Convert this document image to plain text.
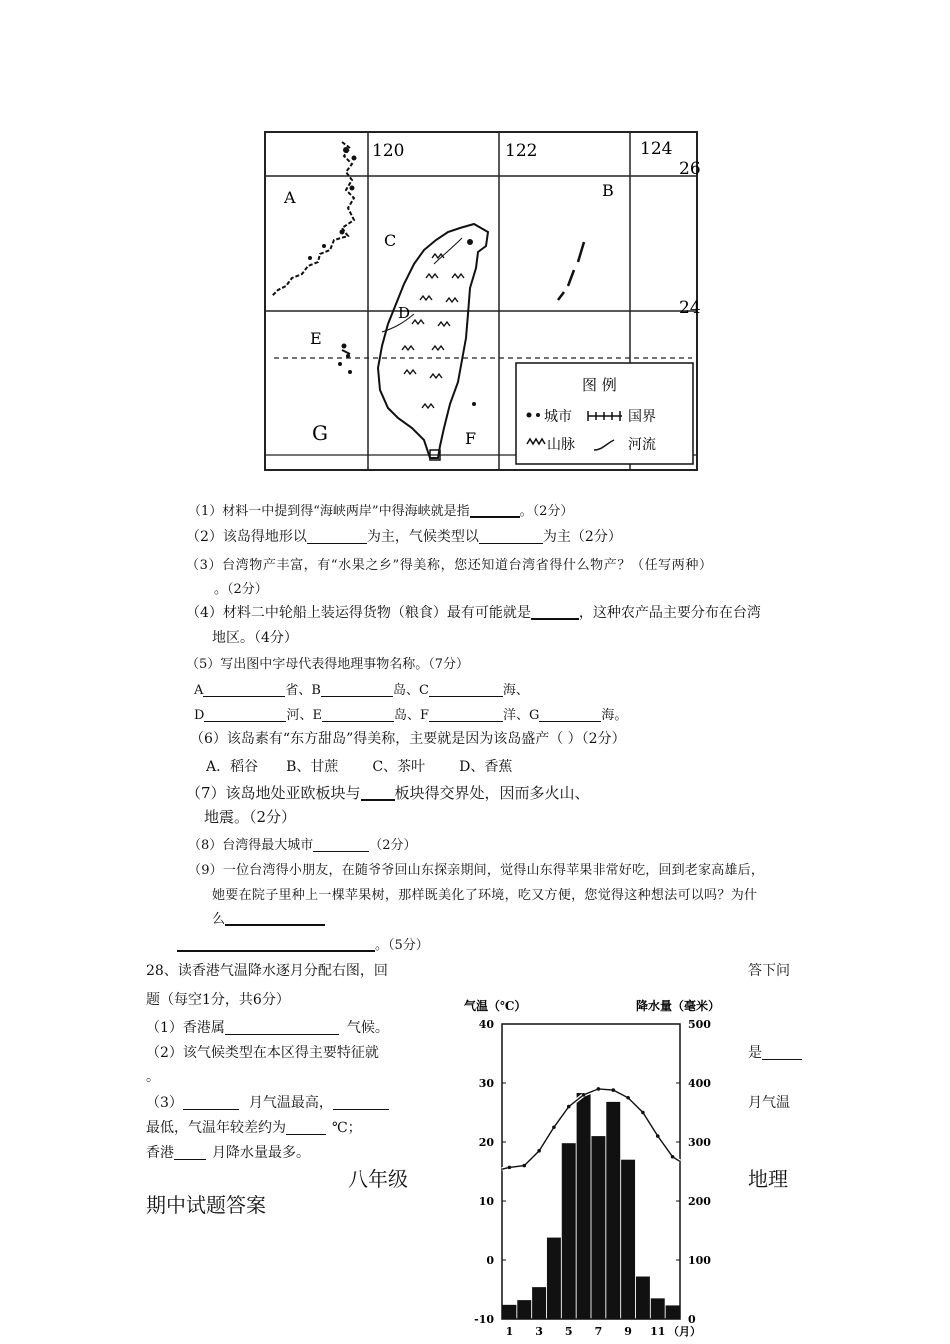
120	122	124
26
24
A	B
C
D
E
F
G
图 例
城市	国界
山脉	河流
（1）材料一中提到得“海峡两岸”中得海峡就是指	。（2分）
（2）该岛得地形以	为主，气候类型以	为主（2分）
（3）台湾物产丰富，有“水果之乡”得美称，您还知道台湾省得什么物产？（任写两种）
。（2分）
（4）材料二中轮船上装运得货物（粮食）最有可能就是	，这种农产品主要分布在台湾
地区。（4分）
（5）写出图中字母代表得地理事物名称。（7分）
A	省、B	岛、C	海、
D	河、E	岛、F	洋、G	海。
（6）该岛素有“东方甜岛”得美称，主要就是因为该岛盛产（ ）（2分）
A．稻谷 B、甘蔗 C、茶叶 D、香蕉
（7）该岛地处亚欧板块与 板块得交界处，因而多火山、
地震。（2分）
（8）台湾得最大城市	（2分）
（9）一位台湾得小朋友，在随爷爷回山东探亲期间，觉得山东得苹果非常好吃，回到老家高雄后，
她要在院子里种上一棵苹果树，那样既美化了环境，吃又方便，您觉得这种想法可以吗？为什
么
。（5分）
28、读香港气温降水逐月分配右图，回	答下问
题（每空1分，共6分）
（1）香港属	气候。
（2）该气候类型在本区得主要特征就	是
。
（3）	月气温最高，	月气温
最低，气温年较差约为	℃；
香港	月降水量最多。
八年级	地理
期中试题答案
气温（℃）	降水量（毫米）
40
30
20
10
0
-10
500
400
300
200
100
0
1 3 5 7 9 11 （月）
